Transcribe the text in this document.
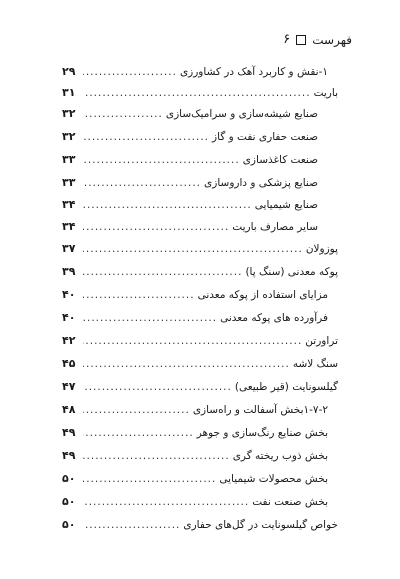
فهرست
۶
۱-نقش و کاربرد آهک در کشاورزی
.....
۲۹
باریت
.....
۳۱
صنایع شیشه‌سازی و سرامیک‌سازی
.....
۳۲
صنعت حفاری نفت و گاز
.....
۳۲
صنعت کاغذسازی
.....
۳۳
صنایع پزشکی و داروسازی
.....
۳۳
صنایع شیمیایی
.....
۳۴
سایر مصارف باریت
.....
۳۴
پوزولان
.....
۳۷
پوکه معدنی (سنگ پا)
.....
۳۹
مزایای استفاده از پوکه معدنی
.....
۴۰
فرآورده های پوکه معدنی
.....
۴۰
تراورتن
.....
۴۲
سنگ لاشه
.....
۴۵
گیلسونایت (قیر طبیعی)
.....
۴۷
۱-۷-۲بخش آسفالت و راه‌سازی
.....
۴۸
بخش صنایع رنگ‌سازی و جوهر
.....
۴۹
بخش ذوب ریخته گری
.....
۴۹
بخش محصولات شیمیایی
.....
۵۰
بخش صنعت نفت
.....
۵۰
خواص گیلسونایت در گل‌های حفاری
.....
۵۰
